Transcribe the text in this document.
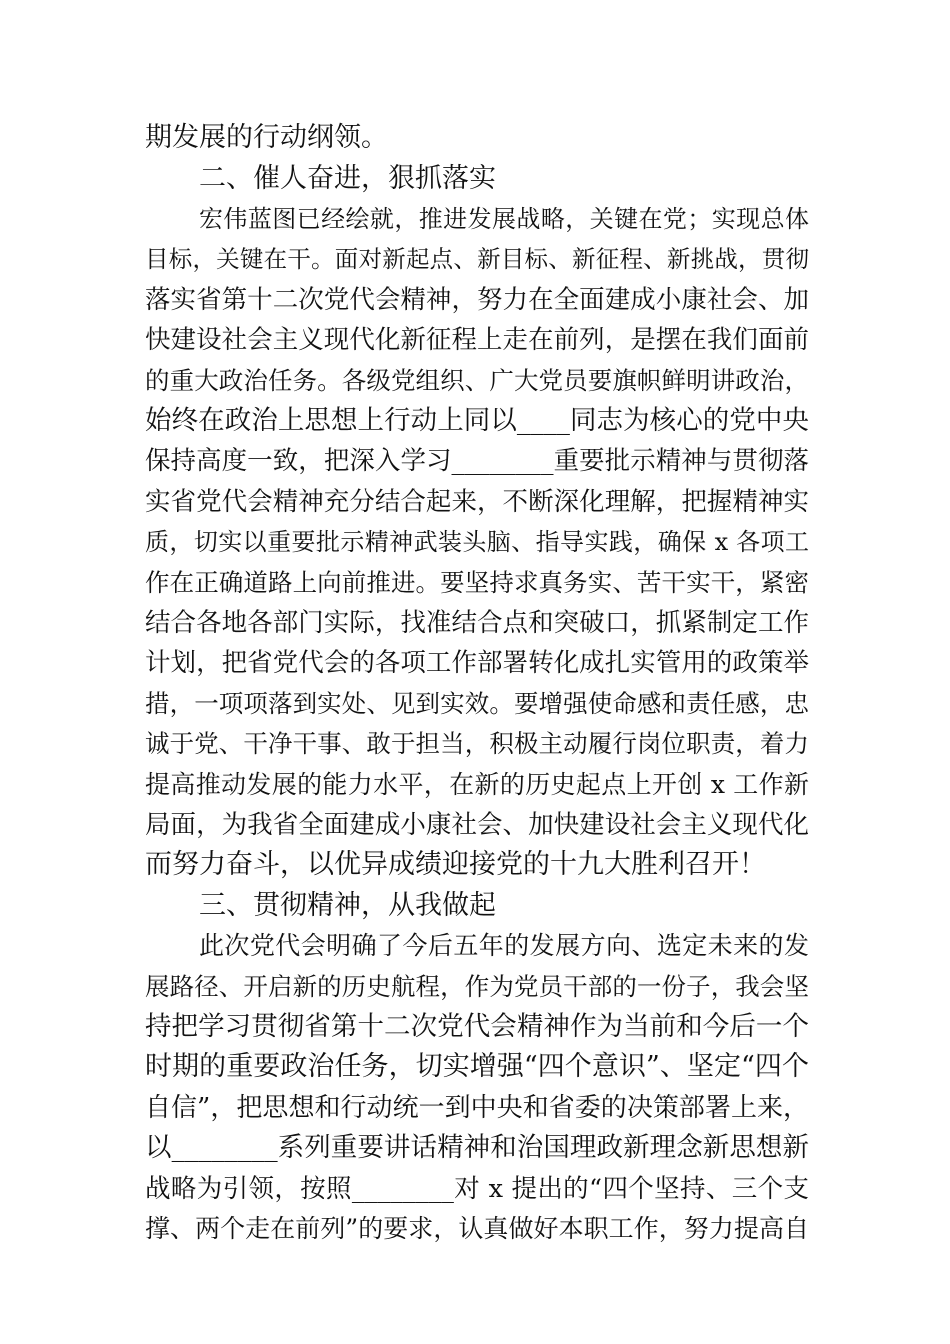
期发展的行动纲领。
二、催人奋进，狠抓落实
宏伟蓝图已经绘就，推进发展战略，关键在党；实现总体
目标，关键在干。面对新起点、新目标、新征程、新挑战，贯彻
落实省第十二次党代会精神，努力在全面建成小康社会、加
快建设社会主义现代化新征程上走在前列，是摆在我们面前
的重大政治任务。各级党组织、广大党员要旗帜鲜明讲政治，
始终在政治上思想上行动上同以____同志为核心的党中央
保持高度一致，把深入学习________重要批示精神与贯彻落
实省党代会精神充分结合起来，不断深化理解，把握精神实
质，切实以重要批示精神武装头脑、指导实践，确保 x 各项工
作在正确道路上向前推进。要坚持求真务实、苦干实干，紧密
结合各地各部门实际，找准结合点和突破口，抓紧制定工作
计划，把省党代会的各项工作部署转化成扎实管用的政策举
措，一项项落到实处、见到实效。要增强使命感和责任感，忠
诚于党、干净干事、敢于担当，积极主动履行岗位职责，着力
提高推动发展的能力水平，在新的历史起点上开创 x 工作新
局面，为我省全面建成小康社会、加快建设社会主义现代化
而努力奋斗，以优异成绩迎接党的十九大胜利召开！
三、贯彻精神，从我做起
此次党代会明确了今后五年的发展方向、选定未来的发
展路径、开启新的历史航程，作为党员干部的一份子，我会坚
持把学习贯彻省第十二次党代会精神作为当前和今后一个
时期的重要政治任务，切实增强“四个意识”、坚定“四个
自信”，把思想和行动统一到中央和省委的决策部署上来，
以________系列重要讲话精神和治国理政新理念新思想新
战略为引领，按照________对 x 提出的“四个坚持、三个支
撑、两个走在前列”的要求，认真做好本职工作，努力提高自
